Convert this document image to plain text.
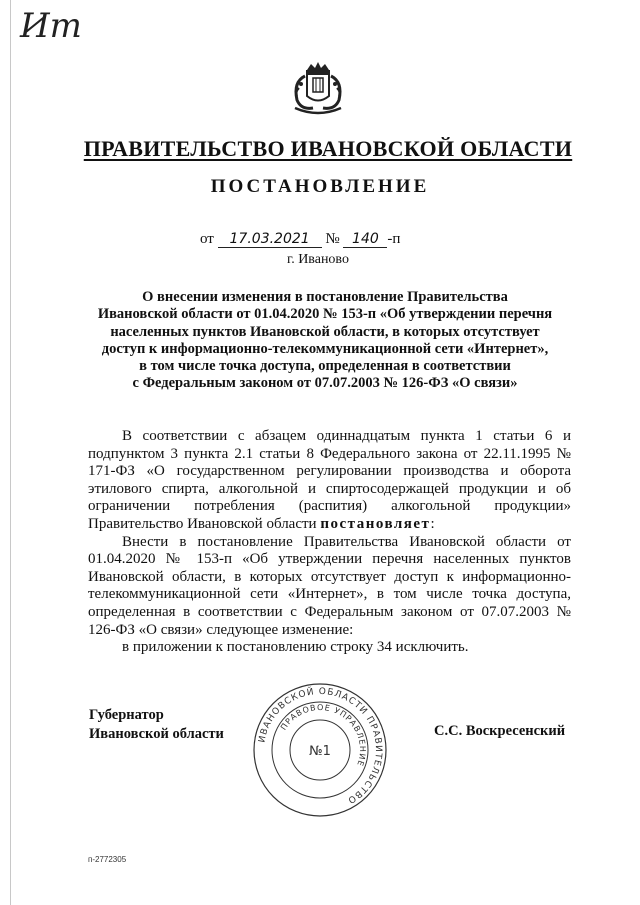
Ит
ПРАВИТЕЛЬСТВО ИВАНОВСКОЙ ОБЛАСТИ
ПОСТАНОВЛЕНИЕ
от 17.03.2021 № 140 -п
г. Иваново
О внесении изменения в постановление Правительства
Ивановской области от 01.04.2020 № 153-п «Об утверждении перечня
населенных пунктов Ивановской области, в которых отсутствует
доступ к информационно-телекоммуникационной сети «Интернет»,
в том числе точка доступа, определенная в соответствии
с Федеральным законом от 07.07.2003 № 126-ФЗ «О связи»

В соответствии с абзацем одиннадцатым пункта 1 статьи 6 и подпунктом 3 пункта 2.1 статьи 8 Федерального закона от 22.11.1995 № 171-ФЗ «О государственном регулировании производства и оборота этилового спирта, алкогольной и спиртосодержащей продукции и об ограничении потребления (распития) алкогольной продукции» Правительство Ивановской области постановляет:

Внести в постановление Правительства Ивановской области от 01.04.2020 № 153-п «Об утверждении перечня населенных пунктов Ивановской области, в которых отсутствует доступ к информационно-телекоммуникационной сети «Интернет», в том числе точка доступа, определенная в соответствии с Федеральным законом от 07.07.2003 № 126-ФЗ «О связи» следующее изменение:

в приложении к постановлению строку 34 исключить.

Губернатор
Ивановской области	С.С. Воскресенский
ИВАНОВСКОЙ ОБЛАСТИ ПРАВИТЕЛЬСТВО
ПРАВОВОЕ УПРАВЛЕНИЕ
№1
п-2772305
